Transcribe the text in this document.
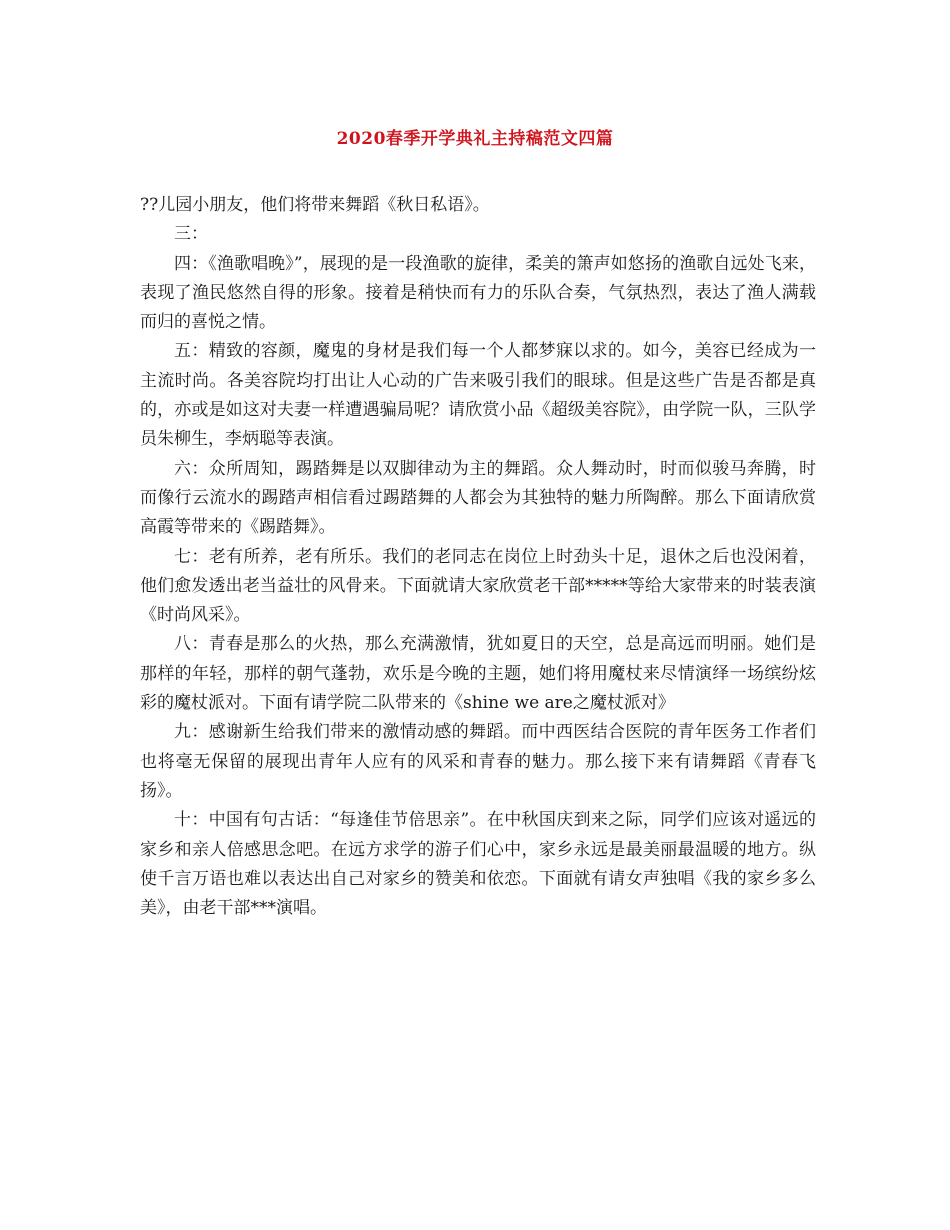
2020春季开学典礼主持稿范文四篇

??儿园小朋友，他们将带来舞蹈《秋日私语》。

三：

四：《渔歌唱晚》”，展现的是一段渔歌的旋律，柔美的箫声如悠扬的渔歌自远处飞来，表现了渔民悠然自得的形象。接着是稍快而有力的乐队合奏，气氛热烈，表达了渔人满载而归的喜悦之情。

五：精致的容颜，魔鬼的身材是我们每一个人都梦寐以求的。如今，美容已经成为一主流时尚。各美容院均打出让人心动的广告来吸引我们的眼球。但是这些广告是否都是真的，亦或是如这对夫妻一样遭遇骗局呢？请欣赏小品《超级美容院》，由学院一队，三队学员朱柳生，李炳聪等表演。

六：众所周知，踢踏舞是以双脚律动为主的舞蹈。众人舞动时，时而似骏马奔腾，时而像行云流水的踢踏声相信看过踢踏舞的人都会为其独特的魅力所陶醉。那么下面请欣赏高霞等带来的《踢踏舞》。

七：老有所养，老有所乐。我们的老同志在岗位上时劲头十足，退休之后也没闲着，他们愈发透出老当益壮的风骨来。下面就请大家欣赏老干部*****等给大家带来的时装表演《时尚风采》。

八：青春是那么的火热，那么充满激情，犹如夏日的天空，总是高远而明丽。她们是那样的年轻，那样的朝气蓬勃，欢乐是今晚的主题，她们将用魔杖来尽情演绎一场缤纷炫彩的魔杖派对。下面有请学院二队带来的《shine we are之魔杖派对》

九：感谢新生给我们带来的激情动感的舞蹈。而中西医结合医院的青年医务工作者们也将毫无保留的展现出青年人应有的风采和青春的魅力。那么接下来有请舞蹈《青春飞扬》。

十：中国有句古话：“每逢佳节倍思亲”。在中秋国庆到来之际，同学们应该对遥远的家乡和亲人倍感思念吧。在远方求学的游子们心中，家乡永远是最美丽最温暖的地方。纵使千言万语也难以表达出自己对家乡的赞美和依恋。下面就有请女声独唱《我的家乡多么美》，由老干部***演唱。
